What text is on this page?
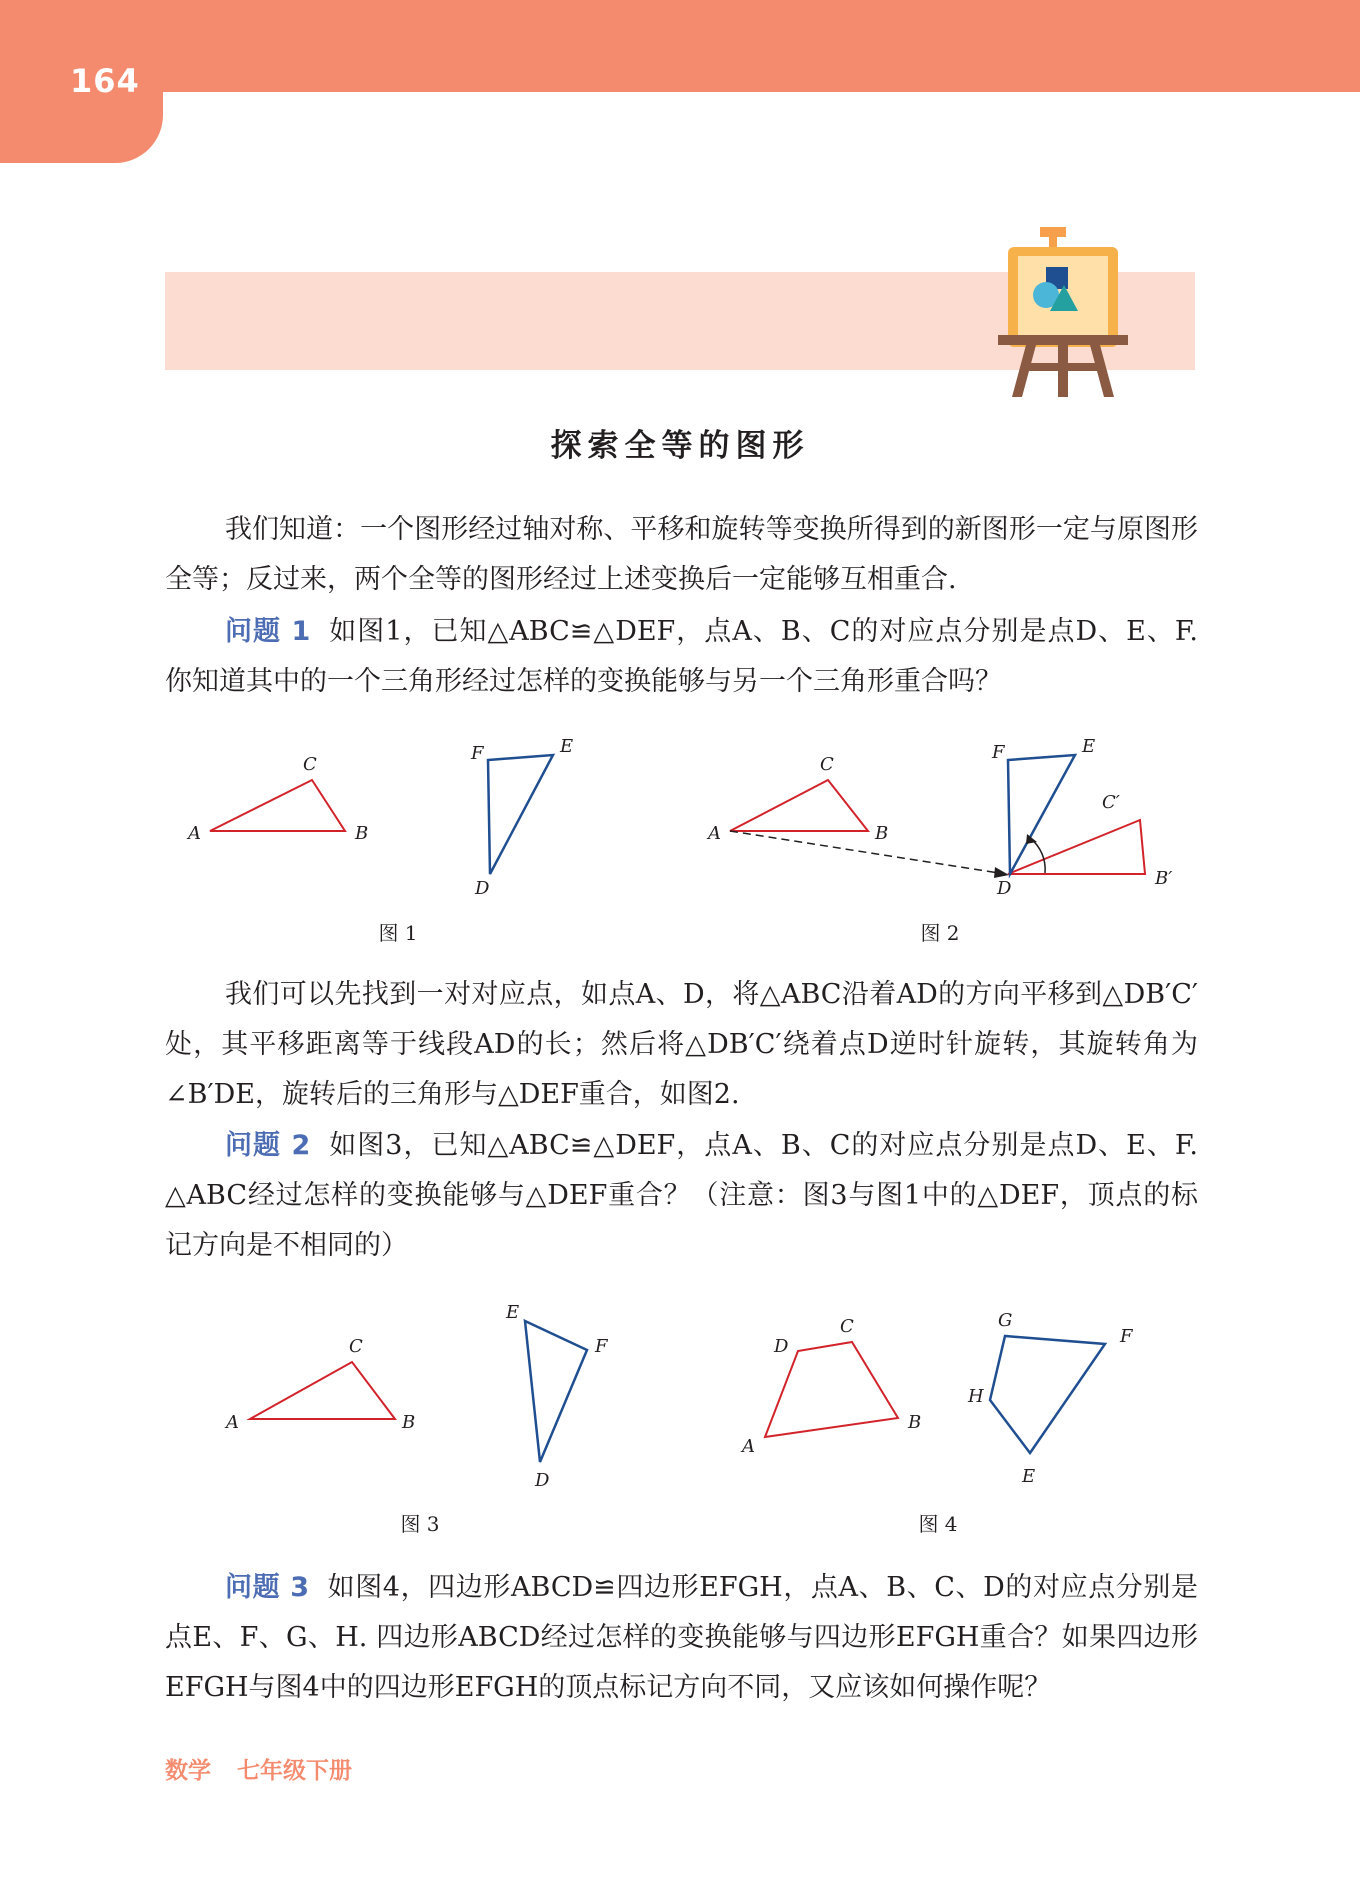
164
探索全等的图形

我们知道：一个图形经过轴对称、平移和旋转等变换所得到的新图形一定与原图形全等；反过来，两个全等的图形经过上述变换后一定能够互相重合.

问题 1 如图1，已知△ABC≌△DEF，点A、B、C的对应点分别是点D、E、F. 你知道其中的一个三角形经过怎样的变换能够与另一个三角形重合吗？

A	B
C
D
E
F
图 1
A	B
C
D
E
F
B′
C′
图 2

我们可以先找到一对对应点，如点A、D，将△ABC沿着AD的方向平移到△DB′C′处，其平移距离等于线段AD的长；然后将△DB′C′绕着点D逆时针旋转，其旋转角为∠B′DE，旋转后的三角形与△DEF重合，如图2.

问题 2 如图3，已知△ABC≌△DEF，点A、B、C的对应点分别是点D、E、F. △ABC经过怎样的变换能够与△DEF重合？（注意：图3与图1中的△DEF，顶点的标记方向是不相同的）

A	B
C
D
E
F
图 3
A
B
C
D
E
F
G
H
图 4

问题 3 如图4，四边形ABCD≌四边形EFGH，点A、B、C、D的对应点分别是点E、F、G、H. 四边形ABCD经过怎样的变换能够与四边形EFGH重合？如果四边形EFGH与图4中的四边形EFGH的顶点标记方向不同，又应该如何操作呢？

数学 七年级下册
